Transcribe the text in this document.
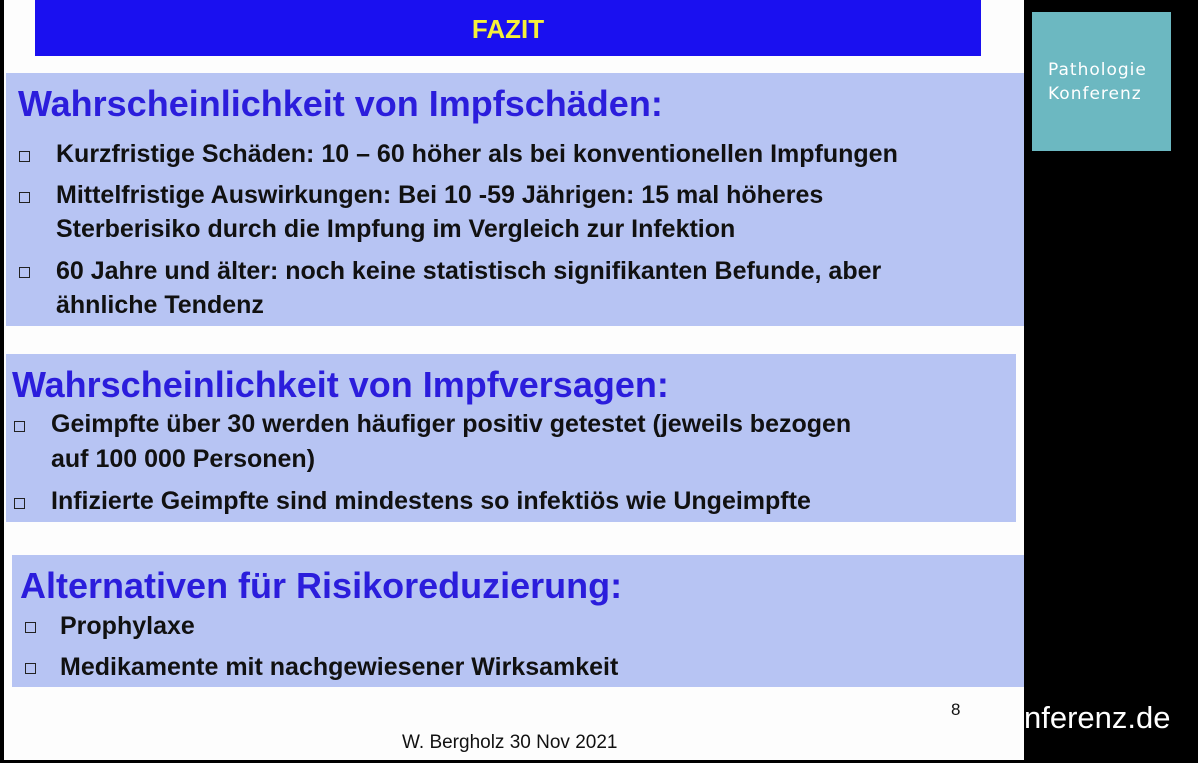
FAZIT
Wahrscheinlichkeit von Impfschäden:
Kurzfristige Schäden: 10 – 60 höher als bei konventionellen Impfungen
Mittelfristige Auswirkungen: Bei 10 -59 Jährigen: 15 mal höheres
Sterberisiko durch die Impfung im Vergleich zur Infektion
60 Jahre und älter: noch keine statistisch signifikanten Befunde, aber
ähnliche Tendenz
Wahrscheinlichkeit von Impfversagen:
Geimpfte über 30 werden häufiger positiv getestet (jeweils bezogen
auf 100 000 Personen)
Infizierte Geimpfte sind mindestens so infektiös wie Ungeimpfte
Alternativen für Risikoreduzierung:
Prophylaxe
Medikamente mit nachgewiesener Wirksamkeit
8
W. Bergholz 30 Nov 2021
Pathologie
Konferenz
nferenz.de
